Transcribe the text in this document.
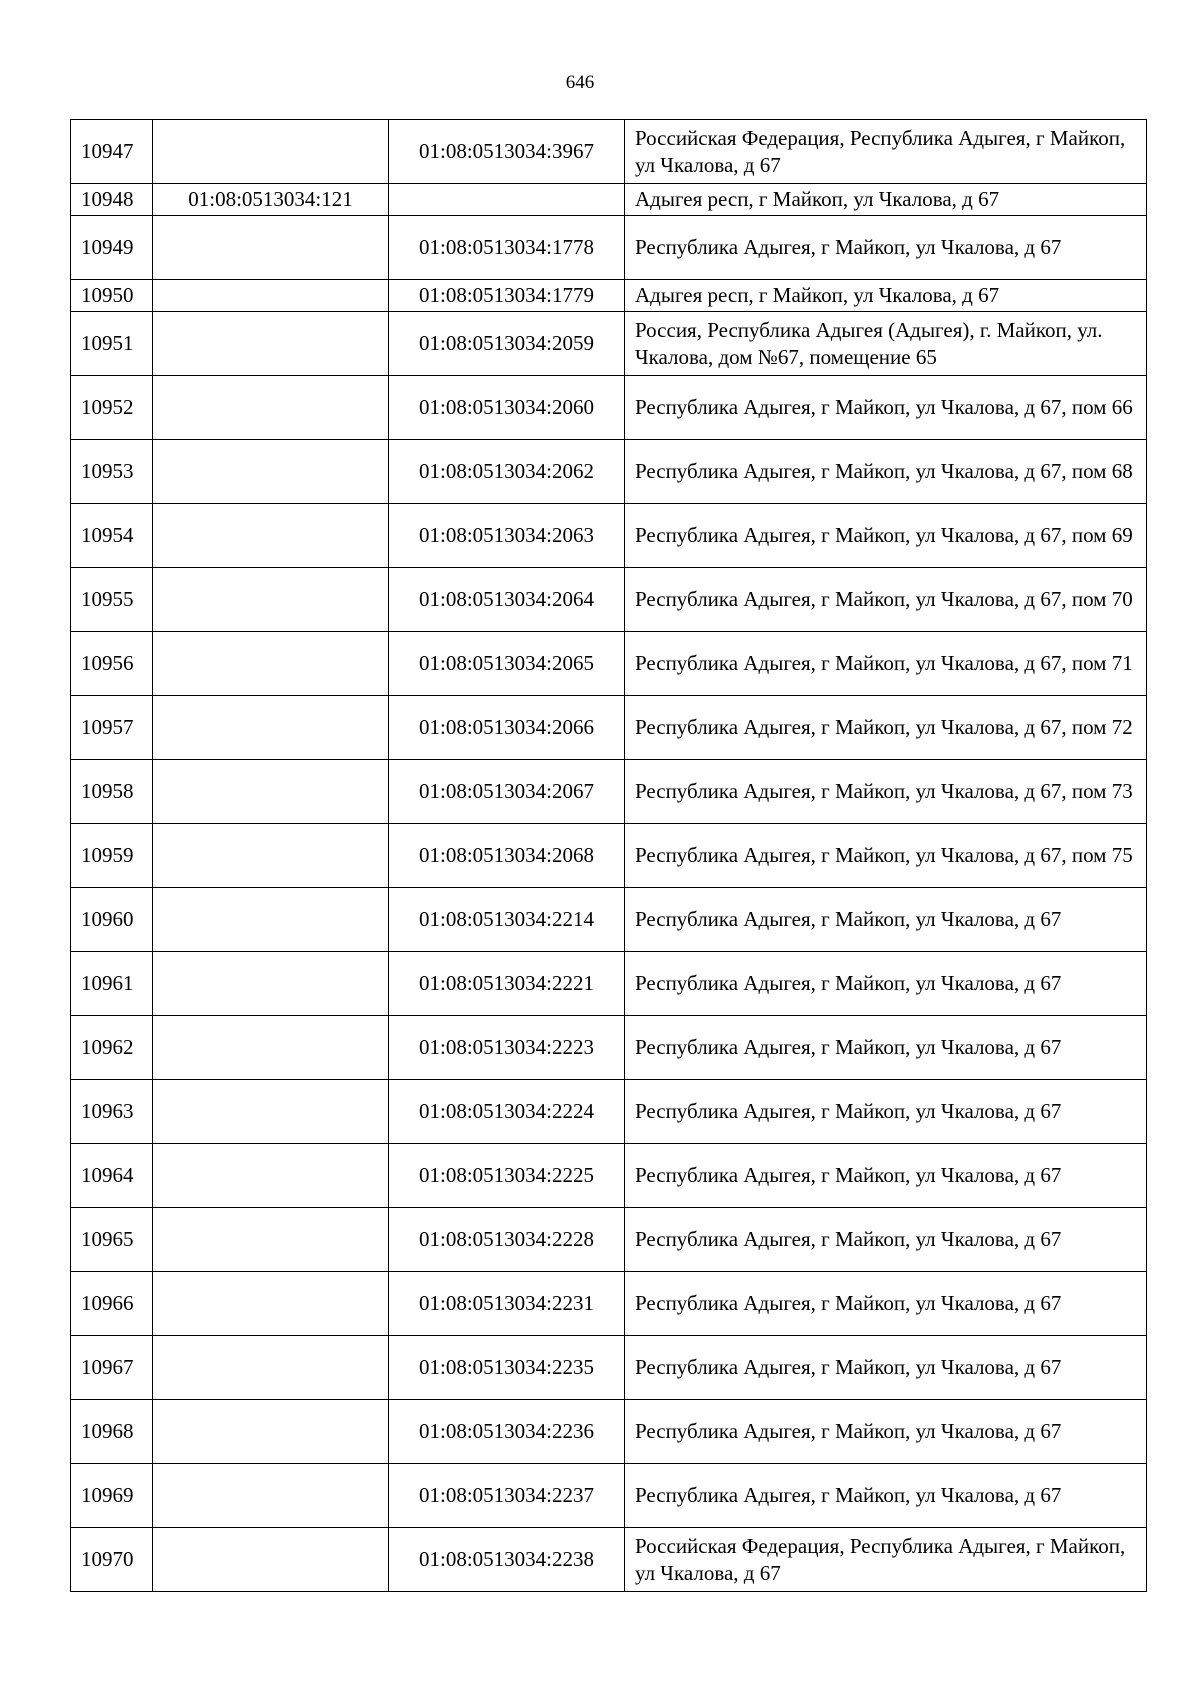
646
10947		01:08:0513034:3967	Российская Федерация, Республика Адыгея, г Майкоп, ул Чкалова, д 67
10948	01:08:0513034:121		Адыгея респ, г Майкоп, ул Чкалова, д 67
10949		01:08:0513034:1778	Республика Адыгея, г Майкоп, ул Чкалова, д 67
10950		01:08:0513034:1779	Адыгея респ, г Майкоп, ул Чкалова, д 67
10951		01:08:0513034:2059	Россия, Республика Адыгея (Адыгея), г. Майкоп, ул. Чкалова, дом №67, помещение 65
10952		01:08:0513034:2060	Республика Адыгея, г Майкоп, ул Чкалова, д 67, пом 66
10953		01:08:0513034:2062	Республика Адыгея, г Майкоп, ул Чкалова, д 67, пом 68
10954		01:08:0513034:2063	Республика Адыгея, г Майкоп, ул Чкалова, д 67, пом 69
10955		01:08:0513034:2064	Республика Адыгея, г Майкоп, ул Чкалова, д 67, пом 70
10956		01:08:0513034:2065	Республика Адыгея, г Майкоп, ул Чкалова, д 67, пом 71
10957		01:08:0513034:2066	Республика Адыгея, г Майкоп, ул Чкалова, д 67, пом 72
10958		01:08:0513034:2067	Республика Адыгея, г Майкоп, ул Чкалова, д 67, пом 73
10959		01:08:0513034:2068	Республика Адыгея, г Майкоп, ул Чкалова, д 67, пом 75
10960		01:08:0513034:2214	Республика Адыгея, г Майкоп, ул Чкалова, д 67
10961		01:08:0513034:2221	Республика Адыгея, г Майкоп, ул Чкалова, д 67
10962		01:08:0513034:2223	Республика Адыгея, г Майкоп, ул Чкалова, д 67
10963		01:08:0513034:2224	Республика Адыгея, г Майкоп, ул Чкалова, д 67
10964		01:08:0513034:2225	Республика Адыгея, г Майкоп, ул Чкалова, д 67
10965		01:08:0513034:2228	Республика Адыгея, г Майкоп, ул Чкалова, д 67
10966		01:08:0513034:2231	Республика Адыгея, г Майкоп, ул Чкалова, д 67
10967		01:08:0513034:2235	Республика Адыгея, г Майкоп, ул Чкалова, д 67
10968		01:08:0513034:2236	Республика Адыгея, г Майкоп, ул Чкалова, д 67
10969		01:08:0513034:2237	Республика Адыгея, г Майкоп, ул Чкалова, д 67
10970		01:08:0513034:2238	Российская Федерация, Республика Адыгея, г Майкоп, ул Чкалова, д 67
